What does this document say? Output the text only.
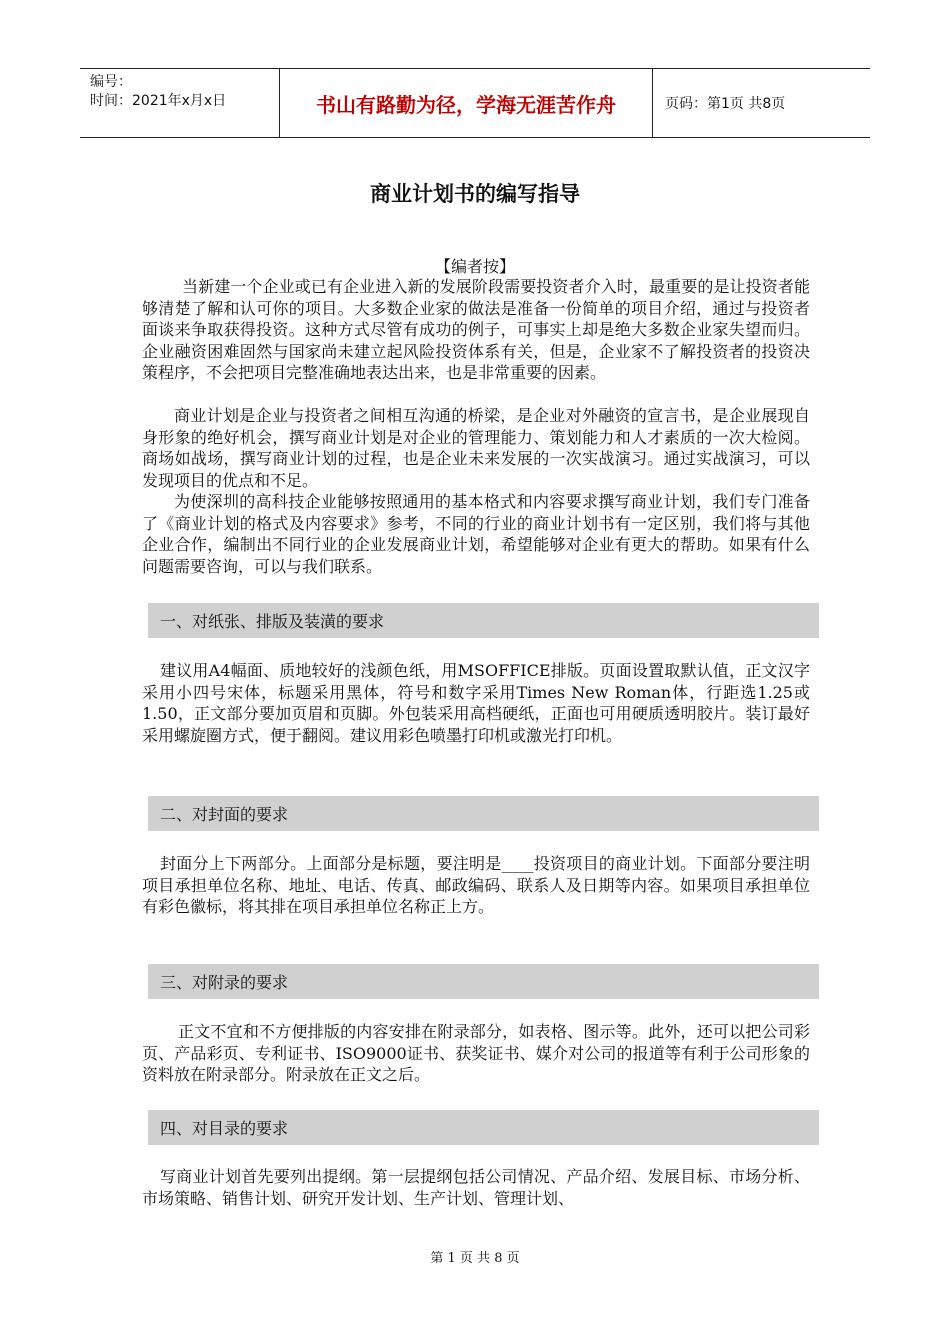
编号：
时间：2021年x月x日	书山有路勤为径，学海无涯苦作舟	页码：第1页 共8页
商业计划书的编写指导
【编者按】

当新建一个企业或已有企业进入新的发展阶段需要投资者介入时，最重要的是让投资者能够清楚了解和认可你的项目。大多数企业家的做法是准备一份简单的项目介绍，通过与投资者面谈来争取获得投资。这种方式尽管有成功的例子，可事实上却是绝大多数企业家失望而归。企业融资困难固然与国家尚未建立起风险投资体系有关，但是，企业家不了解投资者的投资决策程序，不会把项目完整准确地表达出来，也是非常重要的因素。

商业计划是企业与投资者之间相互沟通的桥梁，是企业对外融资的宣言书，是企业展现自身形象的绝好机会，撰写商业计划是对企业的管理能力、策划能力和人才素质的一次大检阅。商场如战场，撰写商业计划的过程，也是企业未来发展的一次实战演习。通过实战演习，可以发现项目的优点和不足。

为使深圳的高科技企业能够按照通用的基本格式和内容要求撰写商业计划，我们专门准备了《商业计划的格式及内容要求》参考，不同的行业的商业计划书有一定区别，我们将与其他企业合作，编制出不同行业的企业发展商业计划，希望能够对企业有更大的帮助。如果有什么问题需要咨询，可以与我们联系。

一、对纸张、排版及装潢的要求

建议用A4幅面、质地较好的浅颜色纸，用MSOFFICE排版。页面设置取默认值，正文汉字采用小四号宋体，标题采用黑体，符号和数字采用Times New Roman体，行距选1.25或1.50，正文部分要加页眉和页脚。外包装采用高档硬纸，正面也可用硬质透明胶片。装订最好采用螺旋圈方式，便于翻阅。建议用彩色喷墨打印机或激光打印机。

二、对封面的要求

封面分上下两部分。上面部分是标题，要注明是____投资项目的商业计划。下面部分要注明项目承担单位名称、地址、电话、传真、邮政编码、联系人及日期等内容。如果项目承担单位有彩色徽标，将其排在项目承担单位名称正上方。

三、对附录的要求

正文不宜和不方便排版的内容安排在附录部分，如表格、图示等。此外，还可以把公司彩页、产品彩页、专利证书、ISO9000证书、获奖证书、媒介对公司的报道等有利于公司形象的资料放在附录部分。附录放在正文之后。

四、对目录的要求

写商业计划首先要列出提纲。第一层提纲包括公司情况、产品介绍、发展目标、市场分析、市场策略、销售计划、研究开发计划、生产计划、管理计划、

第 1 页 共 8 页
